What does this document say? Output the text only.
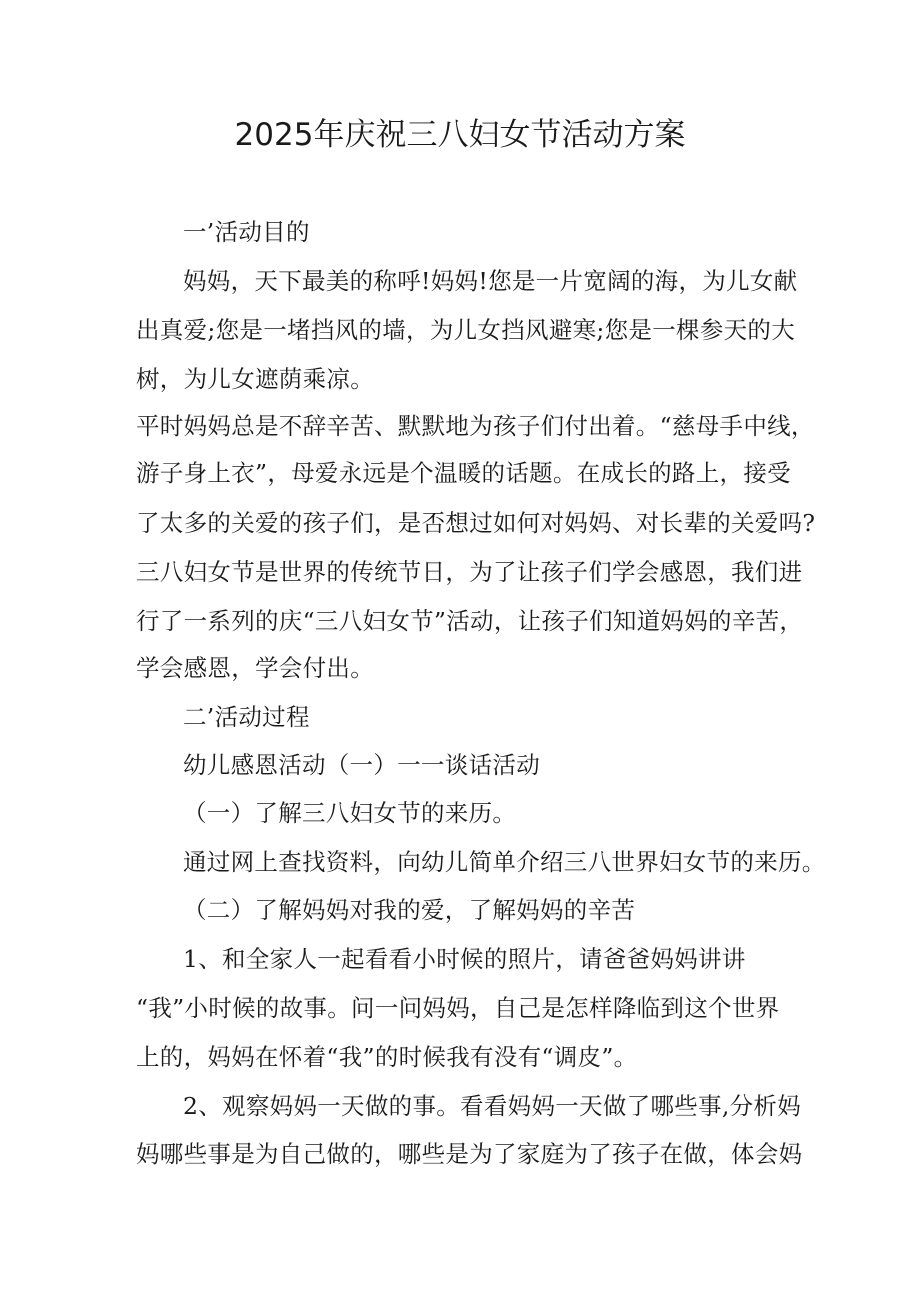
2025年庆祝三八妇女节活动方案
一’活动目的
妈妈，天下最美的称呼!妈妈!您是一片宽阔的海，为儿女献
出真爱;您是一堵挡风的墙，为儿女挡风避寒;您是一棵参天的大
树，为儿女遮荫乘凉。
平时妈妈总是不辞辛苦、默默地为孩子们付出着。“慈母手中线，
游子身上衣”，母爱永远是个温暖的话题。在成长的路上，接受
了太多的关爱的孩子们，是否想过如何对妈妈、对长辈的关爱吗?
三八妇女节是世界的传统节日，为了让孩子们学会感恩，我们进
行了一系列的庆“三八妇女节”活动，让孩子们知道妈妈的辛苦，
学会感恩，学会付出。
二’活动过程
幼儿感恩活动（一）一一谈话活动
（一）了解三八妇女节的来历。
通过网上查找资料，向幼儿简单介绍三八世界妇女节的来历。
（二）了解妈妈对我的爱，了解妈妈的辛苦
1、和全家人一起看看小时候的照片，请爸爸妈妈讲讲
“我”小时候的故事。问一问妈妈，自己是怎样降临到这个世界
上的，妈妈在怀着“我”的时候我有没有“调皮”。
2、观察妈妈一天做的事。看看妈妈一天做了哪些事,分析妈
妈哪些事是为自己做的，哪些是为了家庭为了孩子在做，体会妈
